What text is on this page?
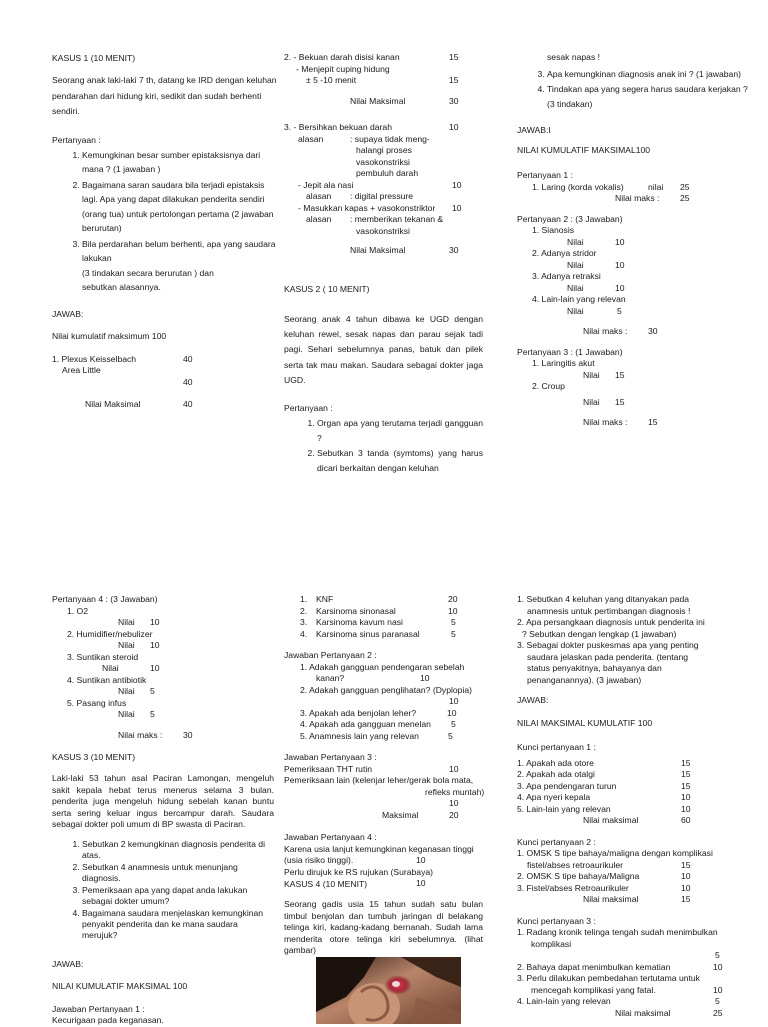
KASUS 1 (10 MENIT)
Seorang anak laki-laki 7 th, datang ke IRD dengan keluhan pendarahan dari hidung kiri, sedikit dan sudah berhenti sendiri.
Pertanyaan :
1. Kemungkinan besar sumber epistaksisnya dari mana ? (1 jawaban )
2. Bagaimana saran saudara bila terjadi epistaksis lagi. Apa yang dapat dilakukan penderita sendiri (orang tua) untuk pertolongan pertama (2 jawaban berurutan)
3. Bila perdarahan belum berhenti, apa yang saudara lakukan
(3 tindakan secara berurutan ) dan
sebutkan alasannya.
JAWAB:
Nilai kumulatif maksimum 100
1. Plexus Keisselbach	40
Area Little
40
Nilai Maksimal	40
2. - Bekuan darah disisi kanan	15
- Menjepit cuping hidung
± 5 -10 menit	15
Nilai Maksimal	30
3. - Bersihkan bekuan darah	10
alasan	: supaya tidak meng-
halangi proses
vasokonstriksi
pembuluh darah
- Jepit ala nasi	10
alasan : digital pressure
- Masukkan kapas + vasokonstriktor 10
alasan : memberikan tekanan &
vasokonstriksi
Nilai Maksimal	30
KASUS 2 ( 10 MENIT)
Seorang anak 4 tahun dibawa ke UGD dengan keluhan rewel, sesak napas dan parau sejak tadi pagi. Sehari sebelumnya panas, batuk dan pilek serta tak mau makan. Saudara sebagai dokter jaga UGD.
Pertanyaan :
1. Organ apa yang terutama terjadi gangguan ?
2. Sebutkan 3 tanda (symtoms) yang harus dicari berkaitan dengan keluhan
sesak napas !
3. Apa kemungkinan diagnosis anak ini ? (1 jawaban)
4. Tindakan apa yang segera harus saudara kerjakan ? (3 tindakan)
JAWAB:I
NILAI KUMULATIF MAKSIMAL100
Pertanyaan 1 :
1. Laring (korda vokalis)	nilai 25
Nilai maks : 25
Pertanyaan 2 : (3 Jawaban)
1. Sianosis
Nilai	10
2. Adanya stridor
Nilai	10
3. Adanya retraksi
Nilai	10
4. Lain-lain yang relevan
Nilai	5
Nilai maks : 30
Pertanyaan 3 : (1 Jawaban)
1. Laringitis akut
Nilai 15
2. Croup
Nilai 15
Nilai maks : 15
Pertanyaan 4 : (3 Jawaban)
1. O2
Nilai 10
2. Humidifier/nebulizer
Nilai 10
3. Suntikan steroid
Nilai	10
4. Suntikan antibiotik
Nilai 5
5. Pasang infus
Nilai 5
Nilai maks : 30
KASUS 3 (10 MENIT)
Laki-laki 53 tahun asal Paciran Lamongan, mengeluh sakit kepala hebat terus menerus selama 3 bulan. penderita juga mengeluh hidung sebelah kanan buntu serta sering keluar ingus bercampur darah. Saudara sebagai dokter poli umum di BP swasta di Paciran.
1. Sebutkan 2 kemungkinan diagnosis penderita di atas.
2. Sebutkan 4 anamnesis untuk menunjang diagnosis.
3. Pemeriksaan apa yang dapat anda lakukan sebagai dokter umum?
4. Bagaimana saudara menjelaskan kemungkinan penyakit penderita dan ke mana saudara merujuk?
JAWAB:
NILAI KUMULATIF MAKSIMAL 100
Jawaban Pertanyaan 1 :
Kecurigaan pada keganasan.
1. KNF	20
2. Karsinoma sinonasal	10
3. Karsinoma kavum nasi	5
4. Karsinoma sinus paranasal	5
Jawaban Pertanyaan 2 :
1. Adakah gangguan pendengaran sebelah
kanan?	10
2. Adakah gangguan penglihatan? (Dyplopia)
10
3. Apakah ada benjolan leher?	10
4. Apakah ada gangguan menelan 5
5. Anamnesis lain yang relevan	5
Jawaban Pertanyaan 3 :
Pemeriksaan THT rutin	10
Pemeriksaan lain (kelenjar leher/gerak bola mata,
refleks muntah)
10
Maksimal	20
Jawaban Pertanyaan 4 :
Karena usia lanjut kemungkinan keganasan tinggi
(usia risiko tinggi).	10
Perlu dirujuk ke RS rujukan (Surabaya)
10
KASUS 4 (10 MENIT)
Seorang gadis usia 15 tahun sudah satu bulan timbul benjolan dan tumbuh jaringan di belakang telinga kiri, kadang-kadang bernanah. Sudah lama menderita otore telinga kiri sebelumnya. (lihat gambar)
1. Sebutkan 4 keluhan yang ditanyakan pada
anamnesis untuk pertimbangan diagnosis !
2. Apa persangkaan diagnosis untuk penderita ini
? Sebutkan dengan lengkap (1 jawaban)
3. Sebagai dokter puskesmas apa yang penting
saudara jelaskan pada penderita. (tentang
status penyakitnya, bahayanya dan
penanganannya). (3 jawaban)
JAWAB:
NILAI MAKSIMAL KUMULATIF 100
Kunci pertanyaan 1 :
1. Apakah ada otore	15
2. Apakah ada otalgi	15
3. Apa pendengaran turun	15
4. Apa nyeri kepala	10
5. Lain-lain yang relevan	10
Nilai maksimal	60
Kunci pertanyaan 2 :
1. OMSK S tipe bahaya/maligna dengan komplikasi
fistel/abses retroaurikuler	15
2. OMSK S tipe bahaya/Maligna	10
3. Fistel/abses Retroaurikuler	10
Nilai maksimal	15
Kunci pertanyaan 3 :
1. Radang kronik telinga tengah sudah menimbulkan
komplikasi
5
2. Bahaya dapat menimbulkan kematian	10
3. Perlu dilakukan pembedahan tertutama untuk
mencegah komplikasi yang fatal.	10
4. Lain-lain yang relevan	5
Nilai maksimal	25
